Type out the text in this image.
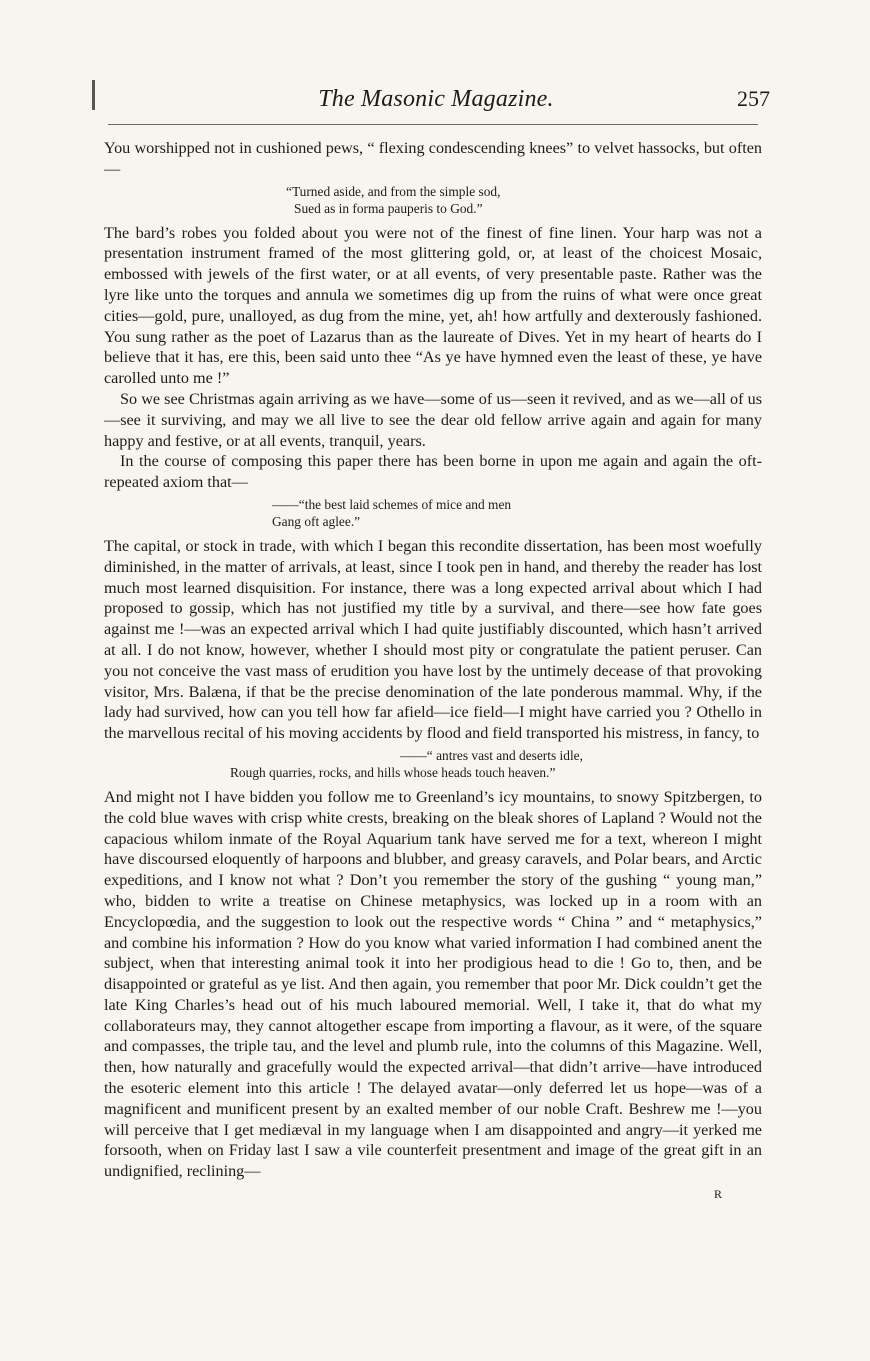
The Masonic Magazine.	257

You worshipped not in cushioned pews, “ flexing condescending knees” to velvet hassocks, but often—

“Turned aside, and from the simple sod,
Sued as in forma pauperis to God.”

The bard’s robes you folded about you were not of the finest of fine linen. Your harp was not a presentation instrument framed of the most glittering gold, or, at least of the choicest Mosaic, embossed with jewels of the first water, or at all events, of very presentable paste. Rather was the lyre like unto the torques and annula we sometimes dig up from the ruins of what were once great cities—gold, pure, unalloyed, as dug from the mine, yet, ah! how artfully and dexterously fashioned. You sung rather as the poet of Lazarus than as the laureate of Dives. Yet in my heart of hearts do I believe that it has, ere this, been said unto thee “As ye have hymned even the least of these, ye have carolled unto me !”

So we see Christmas again arriving as we have—some of us—seen it revived, and as we—all of us—see it surviving, and may we all live to see the dear old fellow arrive again and again for many happy and festive, or at all events, tranquil, years.

In the course of composing this paper there has been borne in upon me again and again the oft-repeated axiom that—

——“the best laid schemes of mice and men
Gang oft aglee.”

The capital, or stock in trade, with which I began this recondite dissertation, has been most woefully diminished, in the matter of arrivals, at least, since I took pen in hand, and thereby the reader has lost much most learned disquisition. For instance, there was a long expected arrival about which I had proposed to gossip, which has not justified my title by a survival, and there—see how fate goes against me !—was an expected arrival which I had quite justifiably discounted, which hasn’t arrived at all. I do not know, however, whether I should most pity or congratulate the patient peruser. Can you not conceive the vast mass of erudition you have lost by the untimely decease of that provoking visitor, Mrs. Balæna, if that be the precise denomination of the late ponderous mammal. Why, if the lady had survived, how can you tell how far afield—ice field—I might have carried you ? Othello in the marvellous recital of his moving accidents by flood and field transported his mistress, in fancy, to

——“ antres vast and deserts idle,
Rough quarries, rocks, and hills whose heads touch heaven.”

And might not I have bidden you follow me to Greenland’s icy mountains, to snowy Spitzbergen, to the cold blue waves with crisp white crests, breaking on the bleak shores of Lapland ? Would not the capacious whilom inmate of the Royal Aquarium tank have served me for a text, whereon I might have discoursed eloquently of harpoons and blubber, and greasy caravels, and Polar bears, and Arctic expeditions, and I know not what ? Don’t you remember the story of the gushing “ young man,” who, bidden to write a treatise on Chinese metaphysics, was locked up in a room with an Encyclopœdia, and the suggestion to look out the respective words “ China ” and “ metaphysics,” and combine his information ? How do you know what varied information I had combined anent the subject, when that interesting animal took it into her prodigious head to die ! Go to, then, and be disappointed or grateful as ye list. And then again, you remember that poor Mr. Dick couldn’t get the late King Charles’s head out of his much laboured memorial. Well, I take it, that do what my collaborateurs may, they cannot altogether escape from importing a flavour, as it were, of the square and compasses, the triple tau, and the level and plumb rule, into the columns of this Magazine. Well, then, how naturally and gracefully would the expected arrival—that didn’t arrive—have introduced the esoteric element into this article ! The delayed avatar—only deferred let us hope—was of a magnificent and munificent present by an exalted member of our noble Craft. Beshrew me !—you will perceive that I get mediæval in my language when I am disappointed and angry—it yerked me forsooth, when on Friday last I saw a vile counterfeit presentment and image of the great gift in an undignified, reclining—

R
